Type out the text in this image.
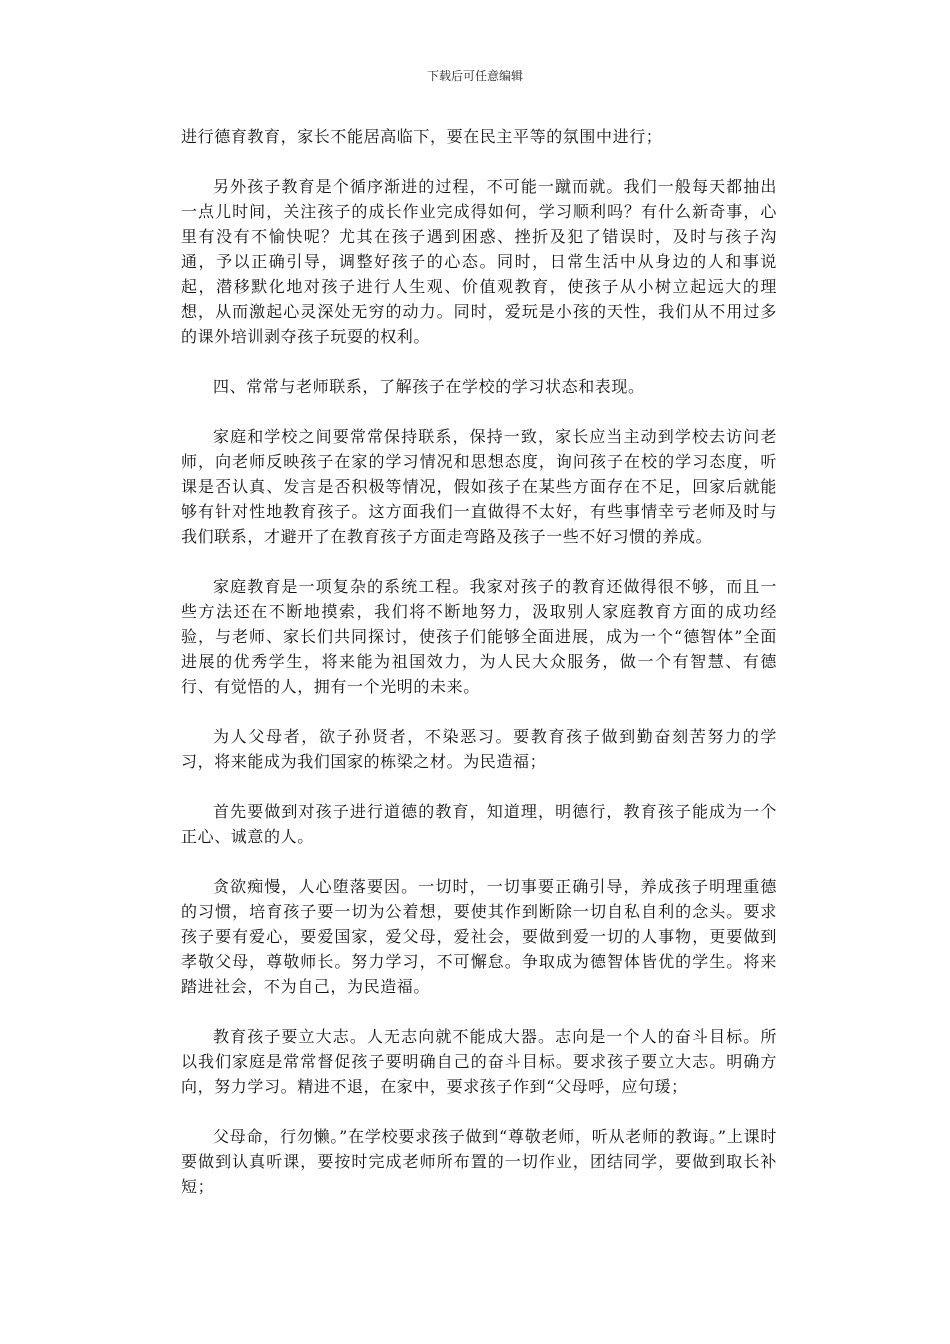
下载后可任意编辑

进行德育教育，家长不能居高临下，要在民主平等的氛围中进行；

另外孩子教育是个循序渐进的过程，不可能一蹴而就。我们一般每天都抽出一点儿时间，关注孩子的成长作业完成得如何，学习顺利吗？有什么新奇事，心里有没有不愉快呢？尤其在孩子遇到困惑、挫折及犯了错误时，及时与孩子沟通，予以正确引导，调整好孩子的心态。同时，日常生活中从身边的人和事说起，潜移默化地对孩子进行人生观、价值观教育，使孩子从小树立起远大的理想，从而激起心灵深处无穷的动力。同时，爱玩是小孩的天性，我们从不用过多的课外培训剥夺孩子玩耍的权利。

四、常常与老师联系，了解孩子在学校的学习状态和表现。

家庭和学校之间要常常保持联系，保持一致，家长应当主动到学校去访问老师，向老师反映孩子在家的学习情况和思想态度，询问孩子在校的学习态度，听课是否认真、发言是否积极等情况，假如孩子在某些方面存在不足，回家后就能够有针对性地教育孩子。这方面我们一直做得不太好，有些事情幸亏老师及时与我们联系，才避开了在教育孩子方面走弯路及孩子一些不好习惯的养成。

家庭教育是一项复杂的系统工程。我家对孩子的教育还做得很不够，而且一些方法还在不断地摸索，我们将不断地努力，汲取别人家庭教育方面的成功经验，与老师、家长们共同探讨，使孩子们能够全面进展，成为一个“德智体”全面进展的优秀学生，将来能为祖国效力，为人民大众服务，做一个有智慧、有德行、有觉悟的人，拥有一个光明的未来。

为人父母者，欲子孙贤者，不染恶习。要教育孩子做到勤奋刻苦努力的学习，将来能成为我们国家的栋梁之材。为民造福；

首先要做到对孩子进行道德的教育，知道理，明德行，教育孩子能成为一个正心、诚意的人。

贪欲痴慢，人心堕落要因。一切时，一切事要正确引导，养成孩子明理重德的习惯，培育孩子要一切为公着想，要使其作到断除一切自私自利的念头。要求孩子要有爱心，要爱国家，爱父母，爱社会，要做到爱一切的人事物，更要做到孝敬父母，尊敬师长。努力学习，不可懈怠。争取成为德智体皆优的学生。将来踏进社会，不为自己，为民造福。

教育孩子要立大志。人无志向就不能成大器。志向是一个人的奋斗目标。所以我们家庭是常常督促孩子要明确自己的奋斗目标。要求孩子要立大志。明确方向，努力学习。精进不退，在家中，要求孩子作到“父母呼，应句瑗；

父母命，行勿懒。”在学校要求孩子做到“尊敬老师，听从老师的教诲。”上课时要做到认真听课，要按时完成老师所布置的一切作业，团结同学，要做到取长补短；
